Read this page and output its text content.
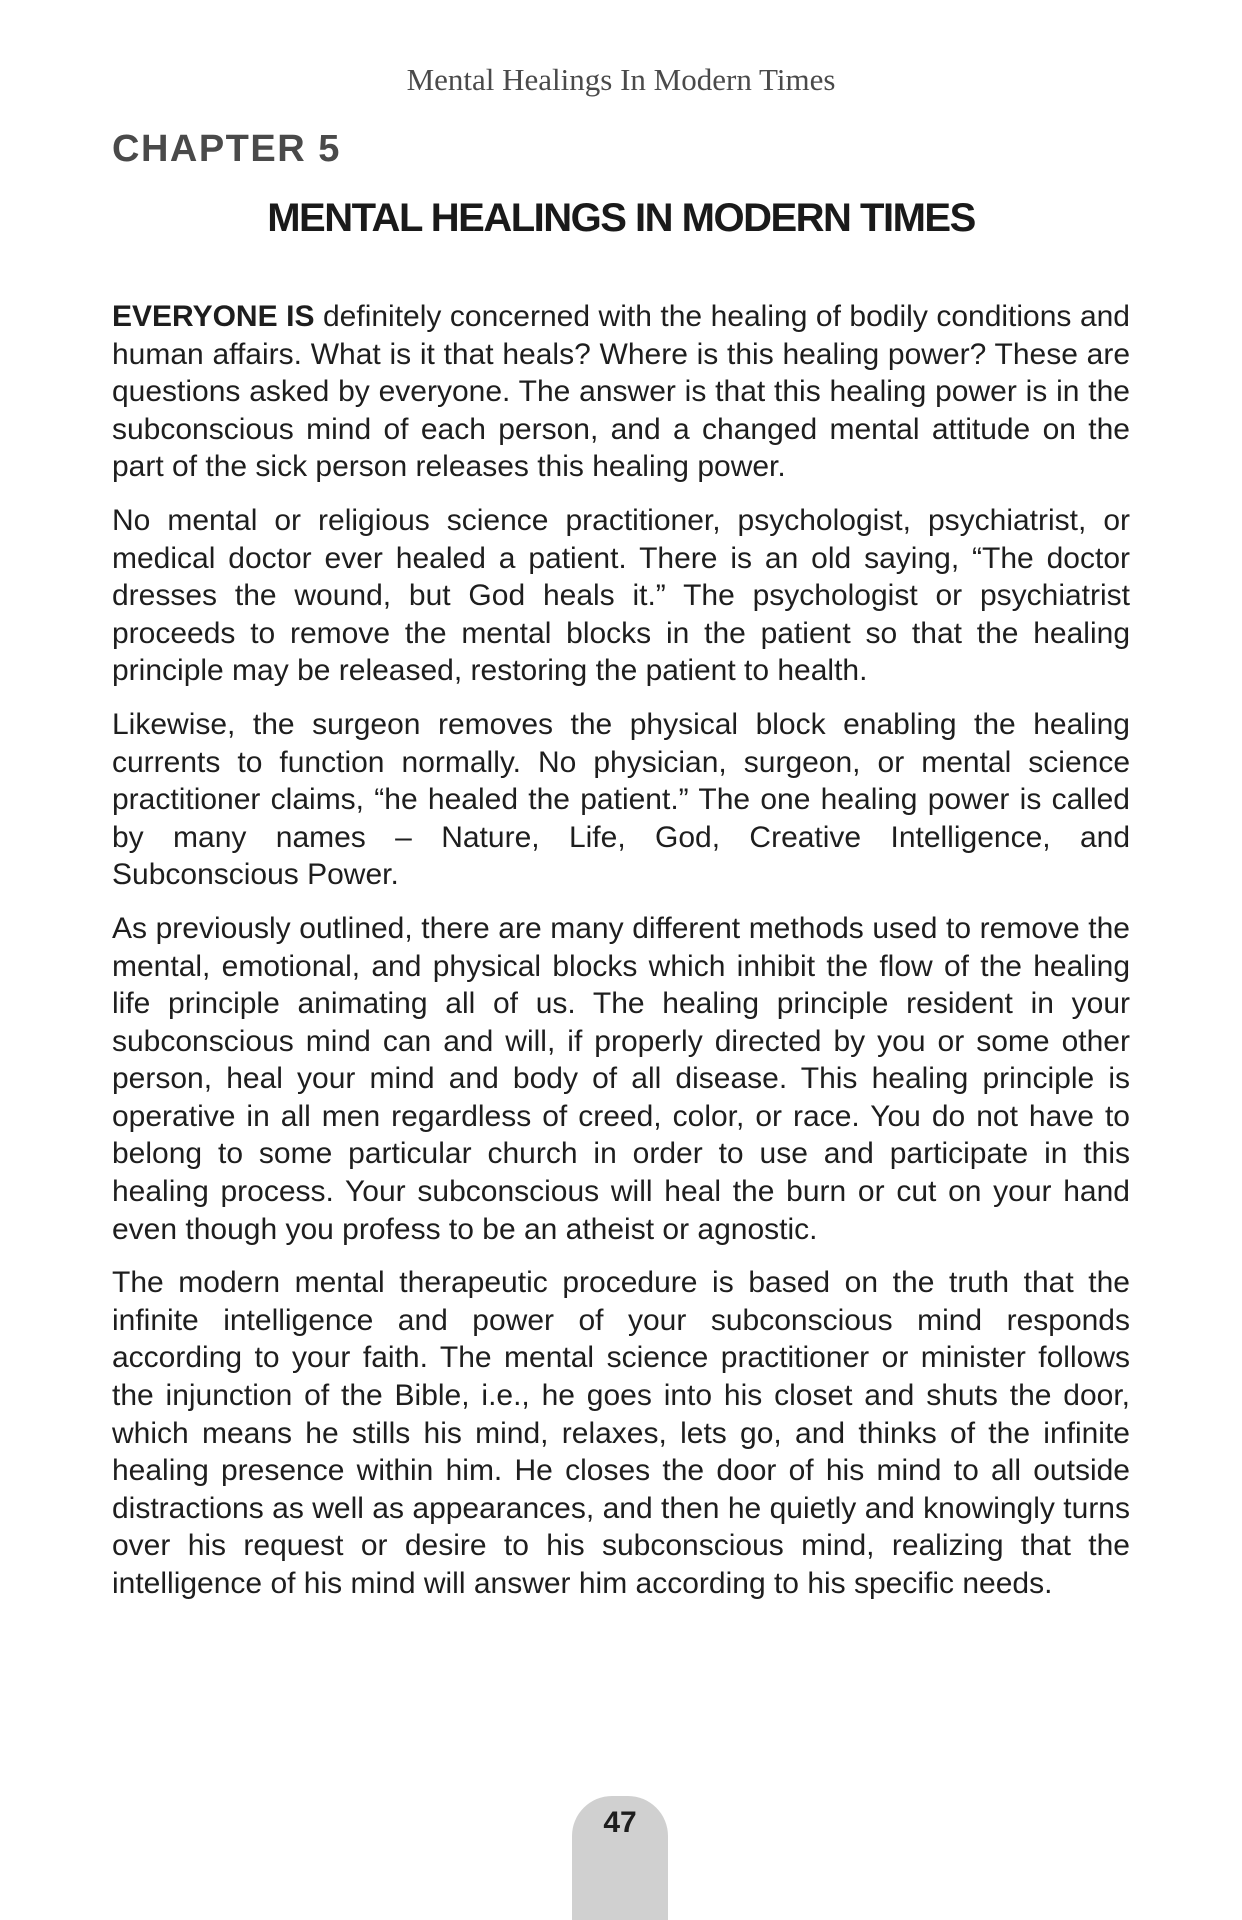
Mental Healings In Modern Times
CHAPTER 5
MENTAL HEALINGS IN MODERN TIMES

EVERYONE IS definitely concerned with the healing of bodily conditions and human affairs. What is it that heals? Where is this healing power? These are questions asked by everyone. The answer is that this healing power is in the subconscious mind of each person, and a changed mental attitude on the part of the sick person releases this healing power.

No mental or religious science practitioner, psychologist, psychiatrist, or medical doctor ever healed a patient. There is an old saying, “The doctor dresses the wound, but God heals it.” The psychologist or psychiatrist proceeds to remove the mental blocks in the patient so that the healing principle may be released, restoring the patient to health.

Likewise, the surgeon removes the physical block enabling the healing currents to function normally. No physician, surgeon, or mental science practitioner claims, “he healed the patient.” The one healing power is called by many names – Nature, Life, God, Creative Intelligence, and Subconscious Power.

As previously outlined, there are many different methods used to remove the mental, emotional, and physical blocks which inhibit the flow of the healing life principle animating all of us. The healing principle resident in your subconscious mind can and will, if properly directed by you or some other person, heal your mind and body of all disease. This healing principle is operative in all men regardless of creed, color, or race. You do not have to belong to some particular church in order to use and participate in this healing process. Your subconscious will heal the burn or cut on your hand even though you profess to be an atheist or agnostic.

The modern mental therapeutic procedure is based on the truth that the infinite intelligence and power of your subconscious mind responds according to your faith. The mental science practitioner or minister follows the injunction of the Bible, i.e., he goes into his closet and shuts the door, which means he stills his mind, relaxes, lets go, and thinks of the infinite healing presence within him. He closes the door of his mind to all outside distractions as well as appearances, and then he quietly and knowingly turns over his request or desire to his subconscious mind, realizing that the intelligence of his mind will answer him according to his specific needs.

47
